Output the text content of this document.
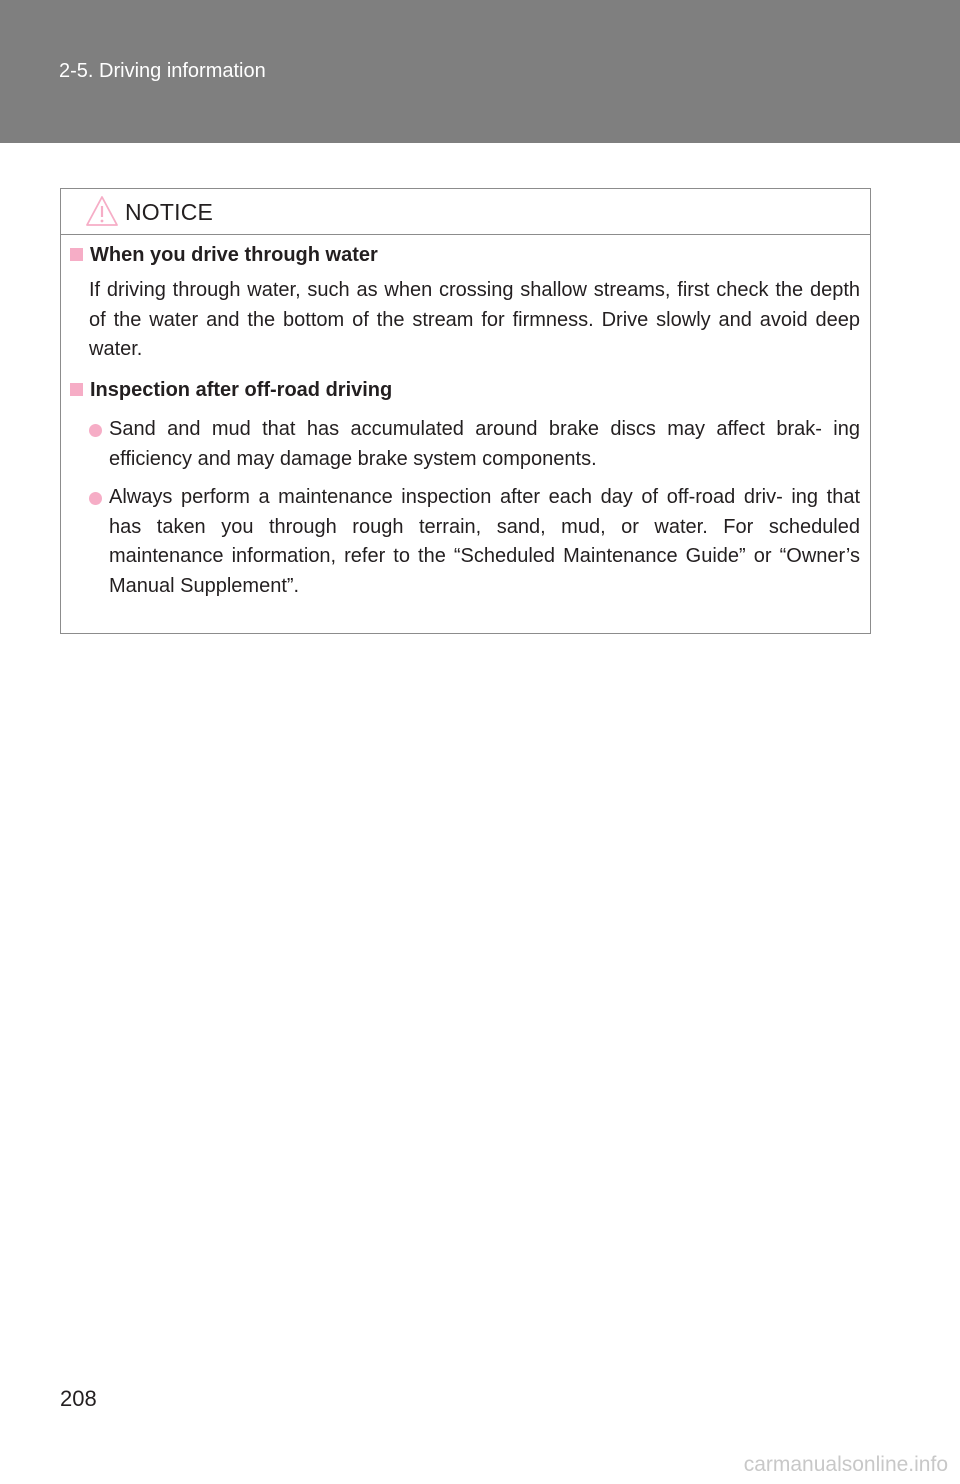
2-5. Driving information
NOTICE
When you drive through water
If driving through water, such as when crossing shallow streams, first check the depth of the water and the bottom of the stream for firmness. Drive slowly and avoid deep water.
Inspection after off-road driving
Sand and mud that has accumulated around brake discs may affect brak- ing efficiency and may damage brake system components.
Always perform a maintenance inspection after each day of off-road driv- ing that has taken you through rough terrain, sand, mud, or water. For scheduled maintenance information, refer to the “Scheduled Maintenance Guide” or “Owner’s Manual Supplement”.
208
carmanualsonline.info
